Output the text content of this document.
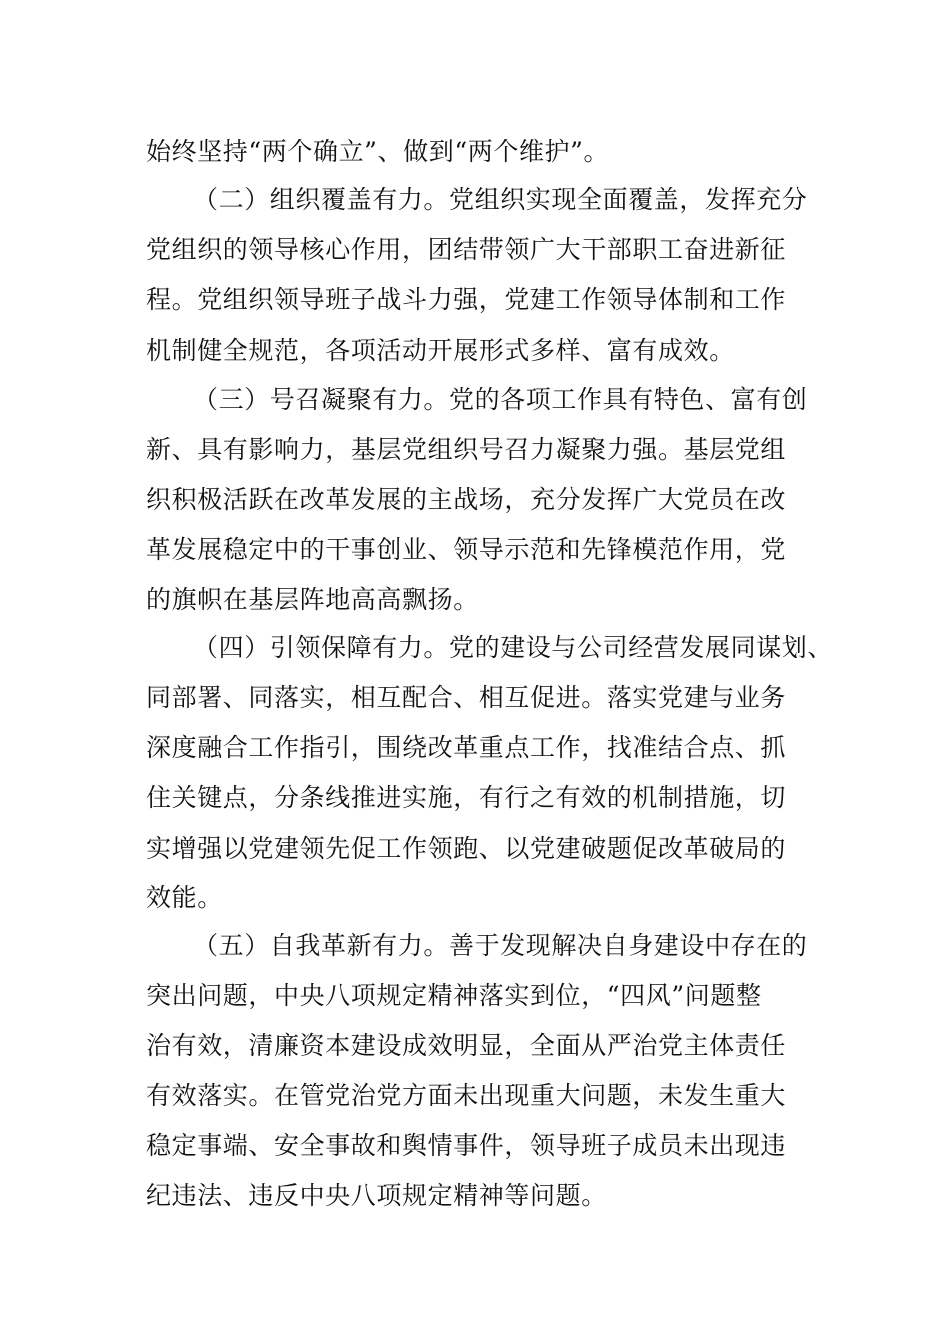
始终坚持“两个确立”、做到“两个维护”。
（二）组织覆盖有力。党组织实现全面覆盖，发挥充分
党组织的领导核心作用，团结带领广大干部职工奋进新征
程。党组织领导班子战斗力强，党建工作领导体制和工作
机制健全规范，各项活动开展形式多样、富有成效。
（三）号召凝聚有力。党的各项工作具有特色、富有创
新、具有影响力，基层党组织号召力凝聚力强。基层党组
织积极活跃在改革发展的主战场，充分发挥广大党员在改
革发展稳定中的干事创业、领导示范和先锋模范作用，党
的旗帜在基层阵地高高飘扬。
（四）引领保障有力。党的建设与公司经营发展同谋划、
同部署、同落实，相互配合、相互促进。落实党建与业务
深度融合工作指引，围绕改革重点工作，找准结合点、抓
住关键点，分条线推进实施，有行之有效的机制措施，切
实增强以党建领先促工作领跑、以党建破题促改革破局的
效能。
（五）自我革新有力。善于发现解决自身建设中存在的
突出问题，中央八项规定精神落实到位，“四风”问题整
治有效，清廉资本建设成效明显，全面从严治党主体责任
有效落实。在管党治党方面未出现重大问题，未发生重大
稳定事端、安全事故和舆情事件，领导班子成员未出现违
纪违法、违反中央八项规定精神等问题。
